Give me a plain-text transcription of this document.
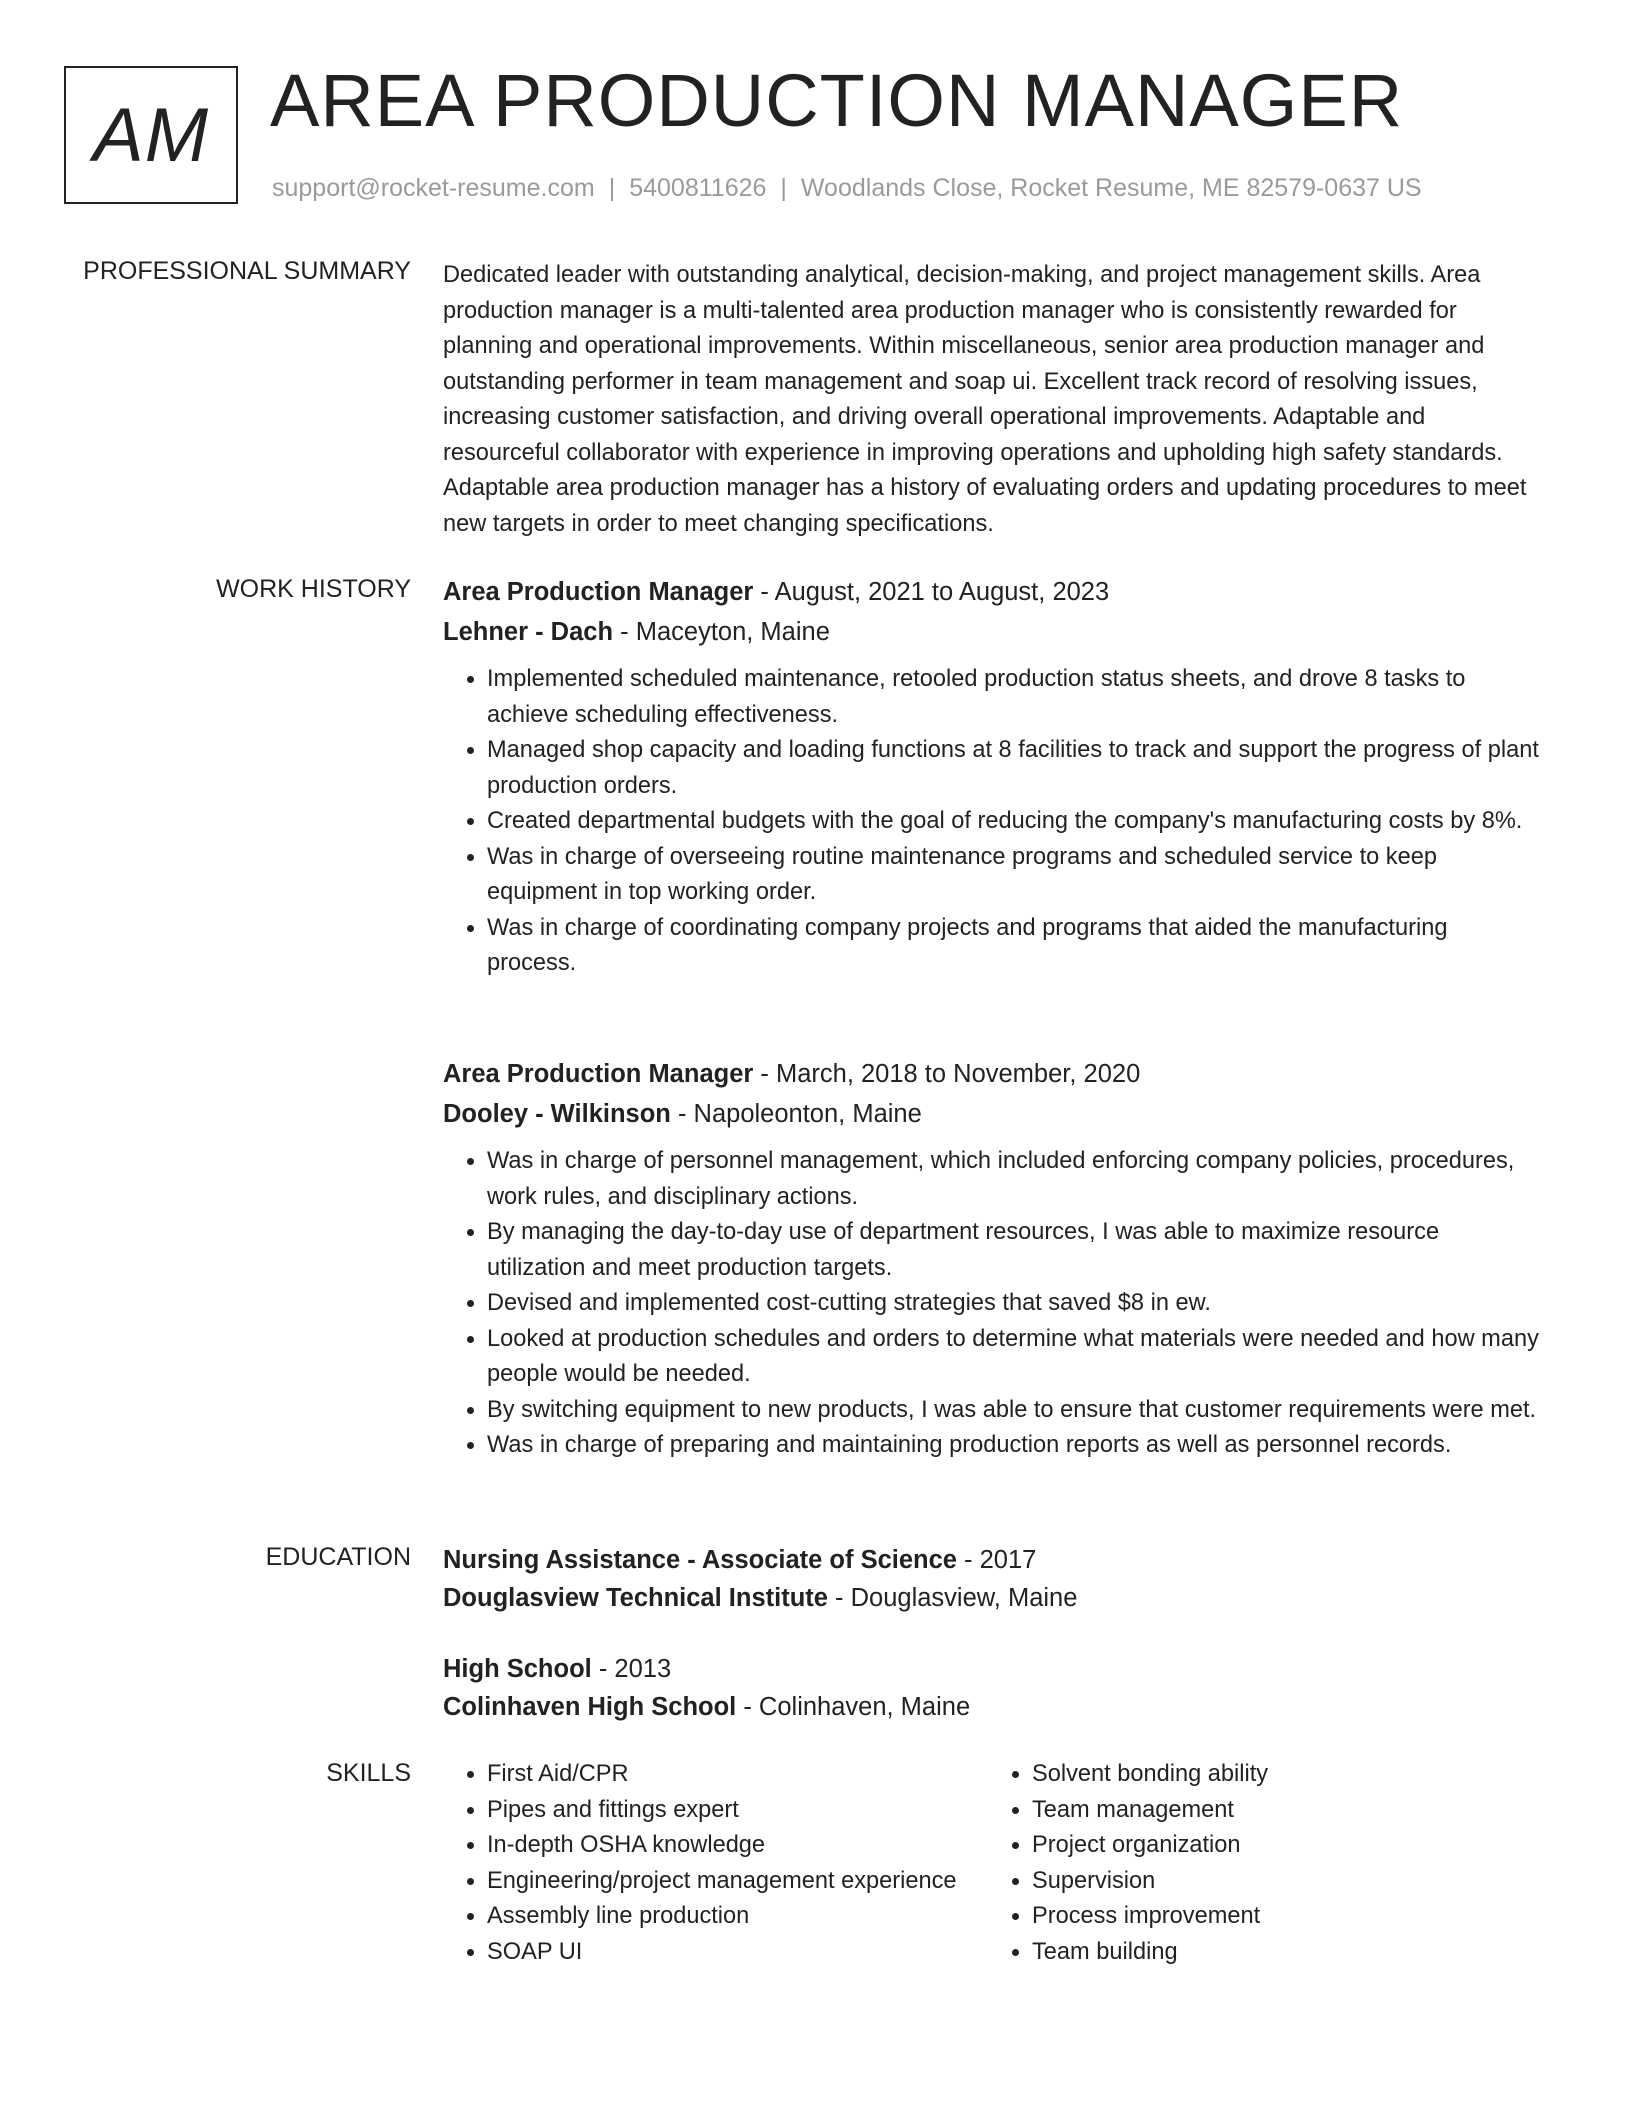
AM AREA PRODUCTION MANAGER
support@rocket-resume.com | 5400811626 | Woodlands Close, Rocket Resume, ME 82579-0637 US
PROFESSIONAL SUMMARY Dedicated leader with outstanding analytical, decision-making, and project management skills. Area production manager is a multi-talented area production manager who is consistently rewarded for planning and operational improvements. Within miscellaneous, senior area production manager and outstanding performer in team management and soap ui. Excellent track record of resolving issues, increasing customer satisfaction, and driving overall operational improvements. Adaptable and resourceful collaborator with experience in improving operations and upholding high safety standards. Adaptable area production manager has a history of evaluating orders and updating procedures to meet new targets in order to meet changing specifications.
WORK HISTORY Area Production Manager - August, 2021 to August, 2023
Lehner - Dach - Maceyton, Maine
• Implemented scheduled maintenance, retooled production status sheets, and drove 8 tasks to achieve scheduling effectiveness.
• Managed shop capacity and loading functions at 8 facilities to track and support the progress of plant production orders.
• Created departmental budgets with the goal of reducing the company's manufacturing costs by 8%.
• Was in charge of overseeing routine maintenance programs and scheduled service to keep equipment in top working order.
• Was in charge of coordinating company projects and programs that aided the manufacturing process.
Area Production Manager - March, 2018 to November, 2020
Dooley - Wilkinson - Napoleonton, Maine
• Was in charge of personnel management, which included enforcing company policies, procedures, work rules, and disciplinary actions.
• By managing the day-to-day use of department resources, I was able to maximize resource utilization and meet production targets.
• Devised and implemented cost-cutting strategies that saved $8 in ew.
• Looked at production schedules and orders to determine what materials were needed and how many people would be needed.
• By switching equipment to new products, I was able to ensure that customer requirements were met.
• Was in charge of preparing and maintaining production reports as well as personnel records.
EDUCATION Nursing Assistance - Associate of Science - 2017
Douglasview Technical Institute - Douglasview, Maine
High School - 2013
Colinhaven High School - Colinhaven, Maine
SKILLS
•	First Aid/CPR
• Pipes and fittings expert
• In-depth OSHA knowledge
• Engineering/project management experience
• Assembly line production
• SOAP UI
• Solvent bonding ability
• Team management
• Project organization
• Supervision
• Process improvement
• Team building
